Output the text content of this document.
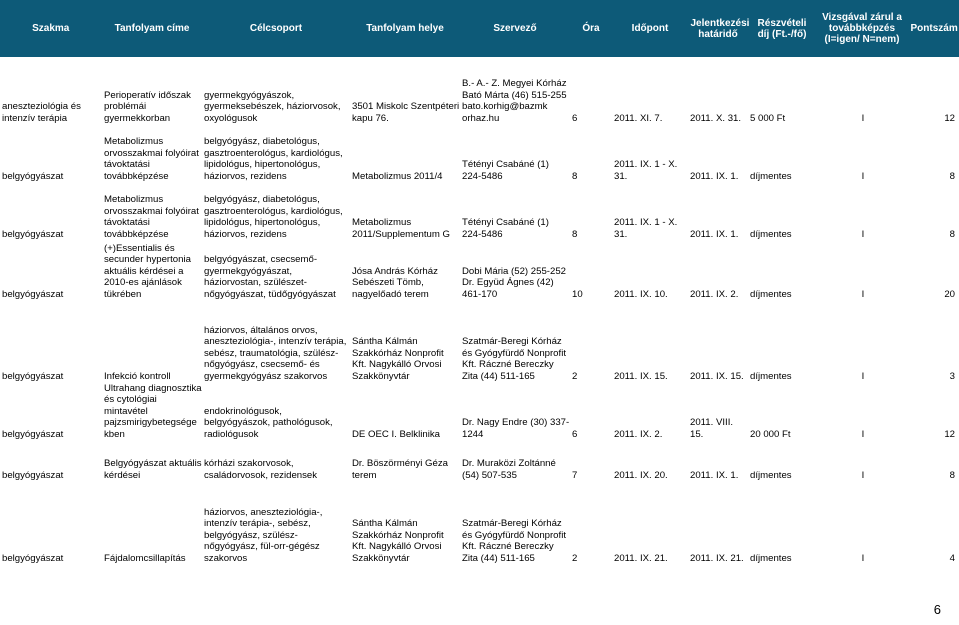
Szakma	Tanfolyam címe	Célcsoport	Tanfolyam helye	Szervező	Óra	Időpont	Jelentkezési határidő	Részvételi díj (Ft.-/fő)	Vizsgával zárul a továbbképzés (I=igen/ N=nem)	Pontszám
aneszteziológia és intenzív terápia	Perioperatív időszak problémái gyermekkorban	gyermekgyógyászok, gyermeksebészek, háziorvosok, oxyológusok	3501 Miskolc Szentpéteri kapu 76.	B.- A.- Z. Megyei Kórház Bató Márta (46) 515-255 bato.korhig@bazmk orhaz.hu	6	2011. XI. 7.	2011. X. 31.	5 000 Ft	I	12
belgyógyászat	Metabolizmus orvosszakmai folyóirat távoktatási továbbképzése	belgyógyász, diabetológus, gasztroenterológus, kardiológus, lipidológus, hipertonológus, háziorvos, rezidens	Metabolizmus 2011/4	Tétényi Csabáné (1) 224-5486	8	2011. IX. 1 - X. 31.	2011. IX. 1.	díjmentes	I	8
belgyógyászat	Metabolizmus orvosszakmai folyóirat távoktatási továbbképzése	belgyógyász, diabetológus, gasztroenterológus, kardiológus, lipidológus, hipertonológus, háziorvos, rezidens	Metabolizmus 2011/Supplementum G	Tétényi Csabáné (1) 224-5486	8	2011. IX. 1 - X. 31.	2011. IX. 1.	díjmentes	I	8
belgyógyászat	(+)Essentialis és secunder hypertonia aktuális kérdései a 2010-es ajánlások tükrében	belgyógyászat, csecsemő-gyermekgyógyászat, háziorvostan, szülészet-nőgyógyászat, tüdőgyógyászat	Jósa András Kórház Sebészeti Tömb, nagyelőadó terem	Dobi Mária (52) 255-252 Dr. Együd Ágnes (42) 461-170	10	2011. IX. 10.	2011. IX. 2.	díjmentes	I	20
belgyógyászat	Infekció kontroll	háziorvos, általános orvos, aneszteziológia-, intenzív terápia, sebész, traumatológia, szülész-nőgyógyász, csecsemő- és gyermekgyógyász szakorvos	Sántha Kálmán Szakkórház Nonprofit Kft. Nagykálló Orvosi Szakkönyvtár	Szatmár-Beregi Kórház és Gyógyfürdő Nonprofit Kft. Ráczné Bereczky Zita (44) 511-165	2	2011. IX. 15.	2011. IX. 15.	díjmentes	I	3
belgyógyászat	Ultrahang diagnosztika és cytológiai mintavétel pajzsmirigybetegsége kben	endokrinológusok, belgyógyászok, pathológusok, radiológusok	DE OEC I. Belklinika	Dr. Nagy Endre (30) 337-1244	6	2011. IX. 2.	2011. VIII. 15.	20 000 Ft	I	12
belgyógyászat	Belgyógyászat aktuális kérdései	kórházi szakorvosok, családorvosok, rezidensek	Dr. Böszörményi Géza terem	Dr. Muraközi Zoltánné (54) 507-535	7	2011. IX. 20.	2011. IX. 1.	díjmentes	I	8
belgyógyászat	Fájdalomcsillapítás	háziorvos, aneszteziológia-, intenzív terápia-, sebész, belgyógyász, szülész-nőgyógyász, fül-orr-gégész szakorvos	Sántha Kálmán Szakkórház Nonprofit Kft. Nagykálló Orvosi Szakkönyvtár	Szatmár-Beregi Kórház és Gyógyfürdő Nonprofit Kft. Ráczné Bereczky Zita (44) 511-165	2	2011. IX. 21.	2011. IX. 21.	díjmentes	I	4
6
